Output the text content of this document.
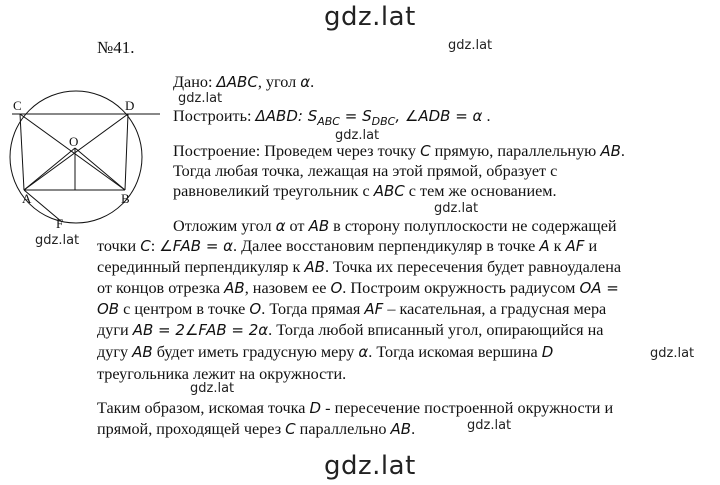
gdz.lat
gdz.lat
gdz.lat
gdz.lat
gdz.lat
gdz.lat
gdz.lat
gdz.lat
gdz.lat
gdz.lat
№41.
C	D
O
A	B
F
Дано: ΔABC, угол α.
Построить: ΔABD: $S_{ABC} = S_{DBC}$, ∠ADB = α .
Построение: Проведем через точку C прямую, параллельную AB.
Тогда любая точка, лежащая на этой прямой, образует с
равновеликий треугольник с ABC с тем же основанием.
Отложим угол α от AB в сторону полуплоскости не содержащей
точки C: ∠FAB = α. Далее восстановим перпендикуляр в точке A к AF и
серединный перпендикуляр к AB. Точка их пересечения будет равноудалена
от концов отрезка AB, назовем ее O. Построим окружность радиусом OA =
OB с центром в точке O. Тогда прямая AF – касательная, а градусная мера
дуги AB = 2∠FAB = 2α. Тогда любой вписанный угол, опирающийся на
дугу AB будет иметь градусную меру α. Тогда искомая вершина D
треугольника лежит на окружности.
Таким образом, искомая точка D - пересечение построенной окружности и
прямой, проходящей через C параллельно AB.
